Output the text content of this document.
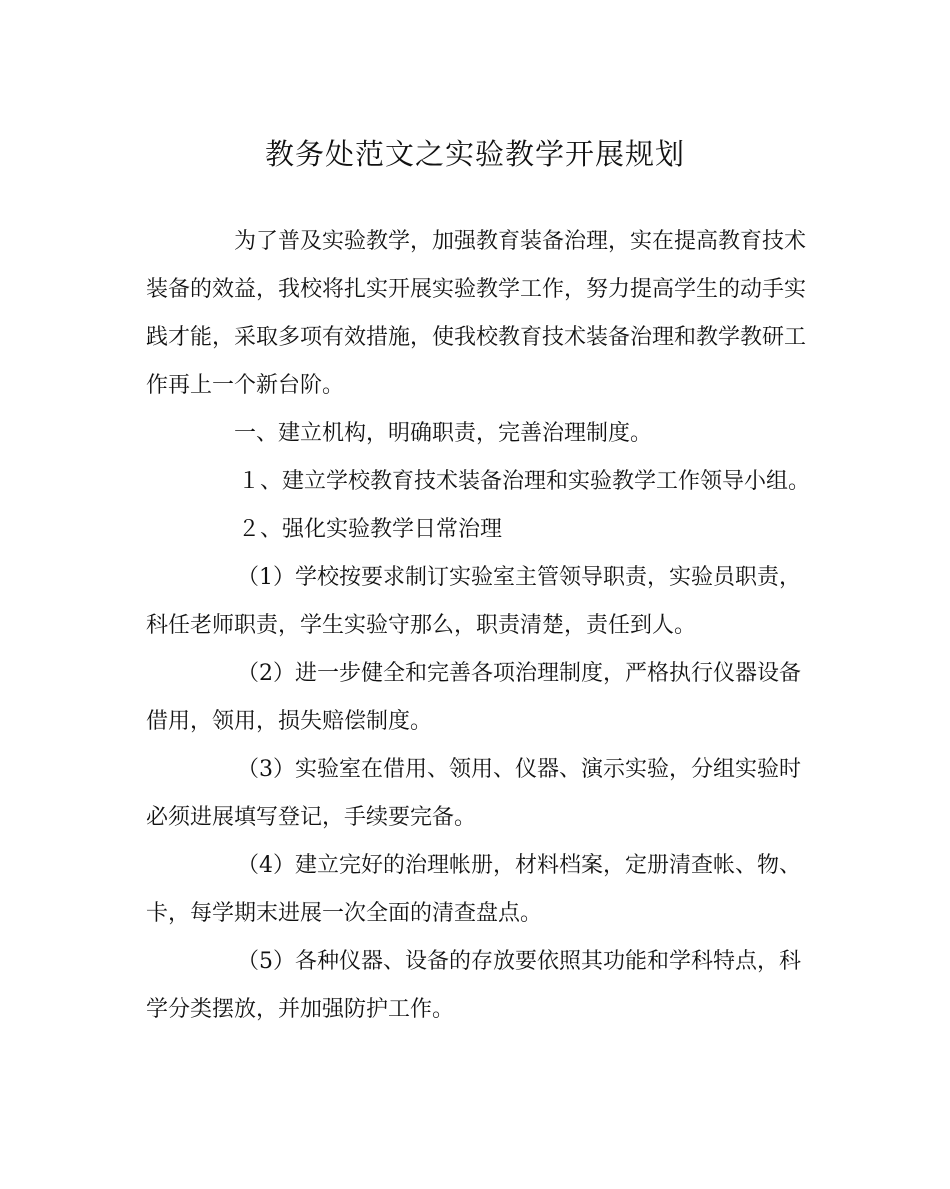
教务处范文之实验教学开展规划
为了普及实验教学，加强教育装备治理，实在提高教育技术
装备的效益，我校将扎实开展实验教学工作，努力提高学生的动手实
践才能，采取多项有效措施，使我校教育技术装备治理和教学教研工
作再上一个新台阶。
一、建立机构，明确职责，完善治理制度。
１、建立学校教育技术装备治理和实验教学工作领导小组。
２、强化实验教学日常治理
（1）学校按要求制订实验室主管领导职责，实验员职责，
科任老师职责，学生实验守那么，职责清楚，责任到人。
（2）进一步健全和完善各项治理制度，严格执行仪器设备
借用，领用，损失赔偿制度。
（3）实验室在借用、领用、仪器、演示实验，分组实验时
必须进展填写登记，手续要完备。
（4）建立完好的治理帐册，材料档案，定册清查帐、物、
卡，每学期末进展一次全面的清查盘点。
（5）各种仪器、设备的存放要依照其功能和学科特点，科
学分类摆放，并加强防护工作。
